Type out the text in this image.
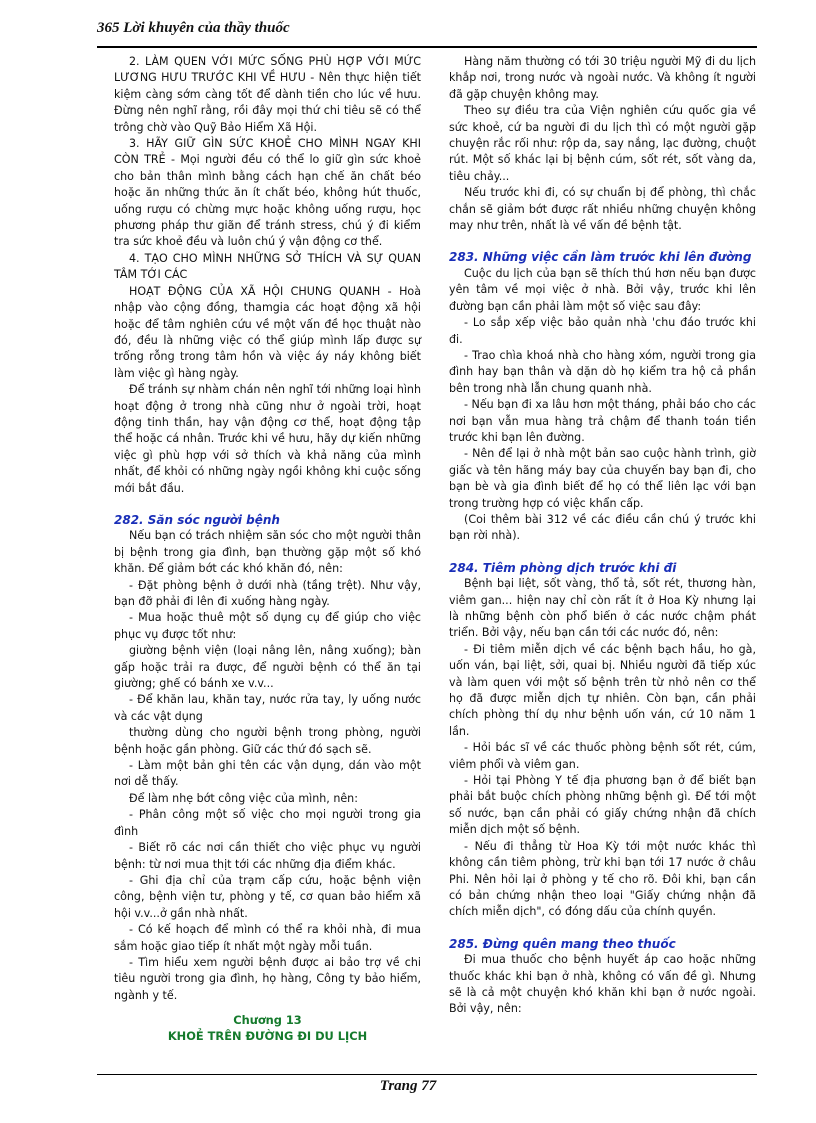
365 Lời khuyên của thầy thuốc

2. LÀM QUEN VỚI MỨC SỐNG PHÙ HỢP VỚI MỨC LƯƠNG HƯU TRƯỚC KHI VỀ HƯU - Nên thực hiện tiết kiệm càng sớm càng tốt để dành tiền cho lúc về hưu. Đừng nên nghĩ rằng, rồi đây mọi thứ chi tiêu sẽ có thể trông chờ vào Quỹ Bảo Hiểm Xã Hội.

3. HÃY GIỮ GÌN SỨC KHOẺ CHO MÌNH NGAY KHI CÒN TRẺ - Mọi người đều có thể lo giữ gìn sức khoẻ cho bản thân mình bằng cách hạn chế ăn chất béo hoặc ăn những thức ăn ít chất béo, không hút thuốc, uống rượu có chừng mực hoặc không uống rượu, học phương pháp thư giãn để tránh stress, chú ý đi kiểm tra sức khoẻ đều và luôn chú ý vận động cơ thể.

4. TẠO CHO MÌNH NHỮNG SỞ THÍCH VÀ SỰ QUAN TÂM TỚI CÁC

HOẠT ĐỘNG CỦA XÃ HỘI CHUNG QUANH - Hoà nhập vào cộng đồng, thamgia các hoạt động xã hội hoặc để tâm nghiên cứu về một vấn đề học thuật nào đó, đều là những việc có thể giúp mình lấp được sự trống rỗng trong tâm hồn và việc áy náy không biết làm việc gì hàng ngày.

Để tránh sự nhàm chán nên nghĩ tới những loại hình hoạt động ở trong nhà cũng như ở ngoài trời, hoạt động tinh thần, hay vận động cơ thể, hoạt động tập thể hoặc cá nhân. Trước khi về hưu, hãy dự kiến những việc gì phù hợp với sở thích và khả năng của mình nhất, để khỏi có những ngày ngồi không khi cuộc sống mới bắt đầu.

282. Săn sóc người bệnh

Nếu bạn có trách nhiệm săn sóc cho một người thân bị bệnh trong gia đình, bạn thường gặp một số khó khăn. Để giảm bớt các khó khăn đó, nên:

- Đặt phòng bệnh ở dưới nhà (tầng trệt). Như vậy, bạn đỡ phải đi lên đi xuống hàng ngày.

- Mua hoặc thuê một số dụng cụ để giúp cho việc phục vụ được tốt như:

giường bệnh viện (loại nâng lên, nâng xuống); bàn gấp hoặc trải ra được, để người bệnh có thể ăn tại giường; ghế có bánh xe v.v...

- Để khăn lau, khăn tay, nước rửa tay, ly uống nước và các vật dụng

thường dùng cho người bệnh trong phòng, người bệnh hoặc gần phòng. Giữ các thứ đó sạch sẽ.

- Làm một bản ghi tên các vận dụng, dán vào một nơi dễ thấy.

Để làm nhẹ bớt công việc của mình, nên:

- Phân công một số việc cho mọi người trong gia đình

- Biết rõ các nơi cần thiết cho việc phục vụ người bệnh: từ nơi mua thịt tới các những địa điểm khác.

- Ghi địa chỉ của trạm cấp cứu, hoặc bệnh viện công, bệnh viện tư, phòng y tế, cơ quan bảo hiểm xã hội v.v...ở gần nhà nhất.

- Có kế hoạch để mình có thể ra khỏi nhà, đi mua sắm hoặc giao tiếp ít nhất một ngày mỗi tuần.

- Tìm hiểu xem người bệnh được ai bảo trợ về chi tiêu người trong gia đình, họ hàng, Công ty bảo hiểm, ngành y tế.

Chương 13
KHOẺ TRÊN ĐƯỜNG ĐI DU LỊCH

Hàng năm thường có tới 30 triệu người Mỹ đi du lịch khắp nơi, trong nước và ngoài nước. Và không ít người đã gặp chuyện không may.

Theo sự điều tra của Viện nghiên cứu quốc gia về sức khoẻ, cứ ba người đi du lịch thì có một người gặp chuyện rắc rối như: rộp da, say nắng, lạc đường, chuột rút. Một số khác lại bị bệnh cúm, sốt rét, sốt vàng da, tiêu chảy...

Nếu trước khi đi, có sự chuẩn bị để phòng, thì chắc chắn sẽ giảm bớt được rất nhiều những chuyện không may như trên, nhất là về vấn đề bệnh tật.

283. Những việc cần làm trước khi lên đường

Cuộc du lịch của bạn sẽ thích thú hơn nếu bạn được yên tâm về mọi việc ở nhà. Bởi vậy, trước khi lên đường bạn cần phải làm một số việc sau đây:

- Lo sắp xếp việc bảo quản nhà 'chu đáo trước khi đi.

- Trao chìa khoá nhà cho hàng xóm, người trong gia đình hay bạn thân và dặn dò họ kiểm tra hộ cả phần bên trong nhà lẫn chung quanh nhà.

- Nếu bạn đi xa lâu hơn một tháng, phải báo cho các nơi bạn vẫn mua hàng trả chậm để thanh toán tiền trước khi bạn lên đường.

- Nên để lại ở nhà một bản sao cuộc hành trình, giờ giấc và tên hãng máy bay của chuyến bay bạn đi, cho bạn bè và gia đình biết để họ có thể liên lạc với bạn trong trường hợp có việc khẩn cấp.

(Coi thêm bài 312 về các điều cần chú ý trước khi bạn rời nhà).

284. Tiêm phòng dịch trước khi đi

Bệnh bại liệt, sốt vàng, thổ tả, sốt rét, thương hàn, viêm gan... hiện nay chỉ còn rất ít ở Hoa Kỳ nhưng lại là những bệnh còn phổ biến ở các nước chậm phát triển. Bởi vậy, nếu bạn cần tới các nước đó, nên:

- Đi tiêm miễn dịch về các bệnh bạch hầu, ho gà, uốn ván, bại liệt, sởi, quai bị. Nhiều người đã tiếp xúc và làm quen với một số bệnh trên từ nhỏ nên cơ thể họ đã được miễn dịch tự nhiên. Còn bạn, cần phải chích phòng thí dụ như bệnh uốn ván, cứ 10 năm 1 lần.

- Hỏi bác sĩ về các thuốc phòng bệnh sốt rét, cúm, viêm phổi và viêm gan.

- Hỏi tại Phòng Y tế địa phương bạn ở để biết bạn phải bắt buộc chích phòng những bệnh gì. Để tới một số nước, bạn cần phải có giấy chứng nhận đã chích miễn dịch một số bệnh.

- Nếu đi thẳng từ Hoa Kỳ tới một nước khác thì không cần tiêm phòng, trừ khi bạn tới 17 nước ở châu Phi. Nên hỏi lại ở phòng y tế cho rõ. Đôi khi, bạn cần có bản chứng nhận theo loại "Giấy chứng nhận đã chích miễn dịch", có đóng dấu của chính quyền.

285. Đừng quên mang theo thuốc

Đi mua thuốc cho bệnh huyết áp cao hoặc những thuốc khác khi bạn ở nhà, không có vấn đề gì. Nhưng sẽ là cả một chuyện khó khăn khi bạn ở nước ngoài. Bởi vậy, nên:

Trang 77
